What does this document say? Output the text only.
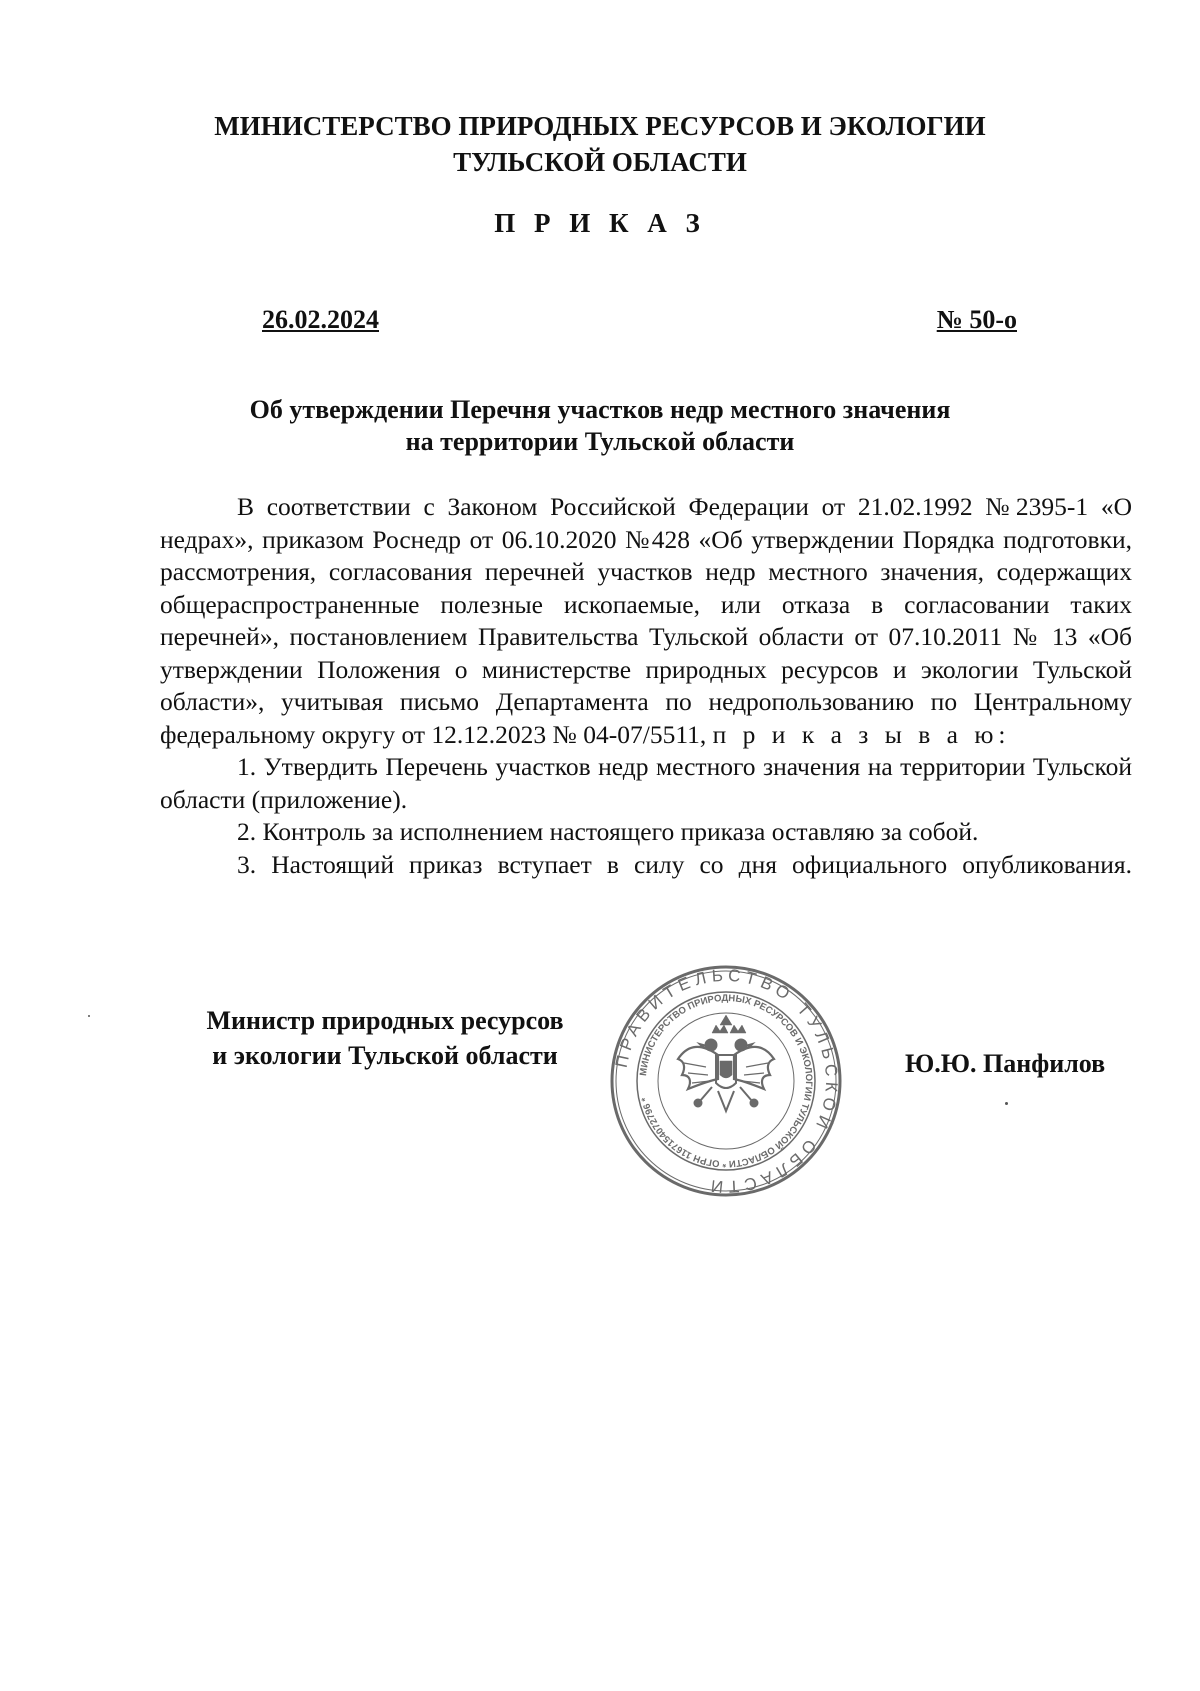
МИНИСТЕРСТВО ПРИРОДНЫХ РЕСУРСОВ И ЭКОЛОГИИ
ТУЛЬСКОЙ ОБЛАСТИ
П Р И К А З
26.02.2024	№ 50-о
Об утверждении Перечня участков недр местного значения
на территории Тульской области

В соответствии с Законом Российской Федерации от 21.02.1992 №2395-1 «О недрах», приказом Роснедр от 06.10.2020 №428 «Об утверждении Порядка подготовки, рассмотрения, согласования перечней участков недр местного значения, содержащих общераспространенные полезные ископаемые, или отказа в согласовании таких перечней», постановлением Правительства Тульской области от 07.10.2011 № 13 «Об утверждении Положения о министерстве природных ресурсов и экологии Тульской области», учитывая письмо Департамента по недропользованию по Центральному федеральному округу от 12.12.2023 № 04-07/5511, п р и к а з ы в а ю:

1. Утвердить Перечень участков недр местного значения на территории Тульской области (приложение).

2. Контроль за исполнением настоящего приказа оставляю за собой.

3. Настоящий приказ вступает в силу со дня официального опубликования.

Министр природных ресурсов
и экологии Тульской области	ПРАВИТЕЛЬСТВО ТУЛЬСКОЙ ОБЛАСТИ
МИНИСТЕРСТВО ПРИРОДНЫХ РЕСУРСОВ И ЭКОЛОГИИ ТУЛЬСКОЙ ОБЛАСТИ * ОГРН 1167154072796 *
Ю.Ю. Панфилов
